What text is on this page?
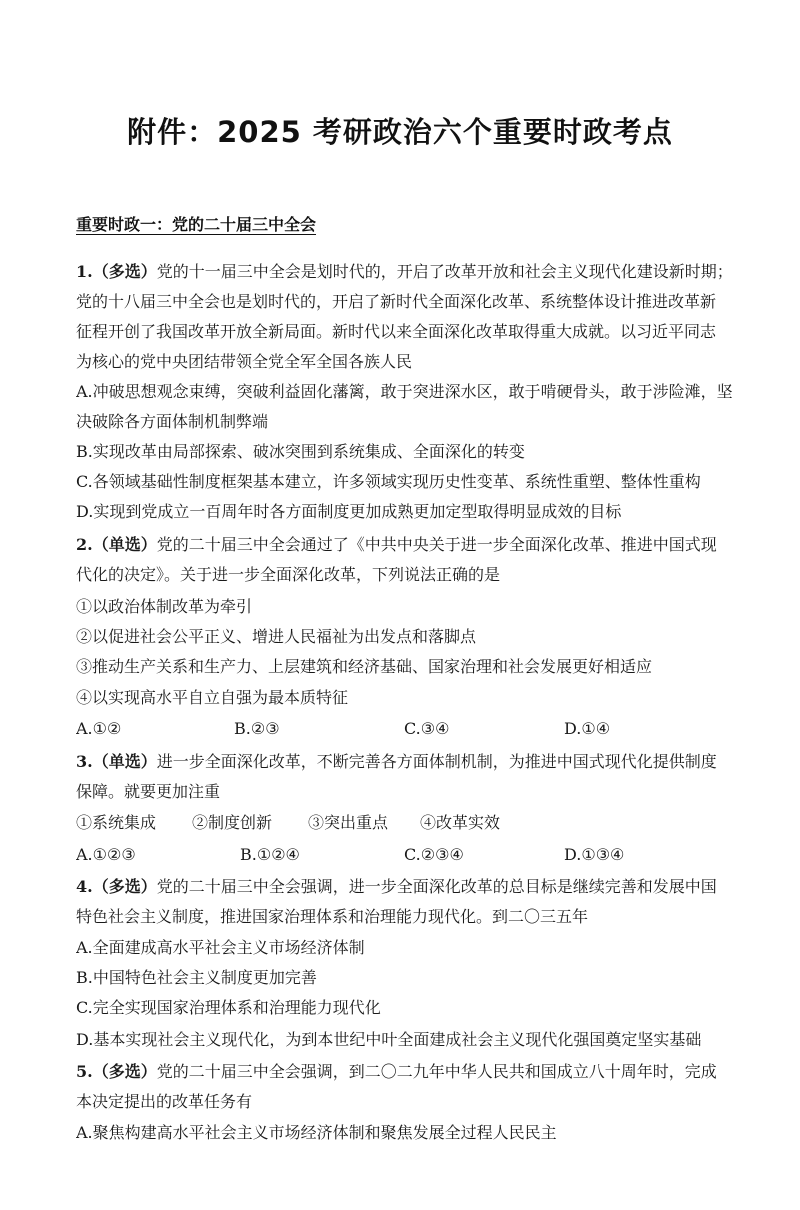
附件：2025 考研政治六个重要时政考点
重要时政一：党的二十届三中全会
1.（多选）党的十一届三中全会是划时代的，开启了改革开放和社会主义现代化建设新时期；
党的十八届三中全会也是划时代的，开启了新时代全面深化改革、系统整体设计推进改革新
征程开创了我国改革开放全新局面。新时代以来全面深化改革取得重大成就。以习近平同志
为核心的党中央团结带领全党全军全国各族人民
A.冲破思想观念束缚，突破利益固化藩篱，敢于突进深水区，敢于啃硬骨头，敢于涉险滩，坚
决破除各方面体制机制弊端
B.实现改革由局部探索、破冰突围到系统集成、全面深化的转变
C.各领域基础性制度框架基本建立，许多领域实现历史性变革、系统性重塑、整体性重构
D.实现到党成立一百周年时各方面制度更加成熟更加定型取得明显成效的目标
2.（单选）党的二十届三中全会通过了《中共中央关于进一步全面深化改革、推进中国式现
代化的决定》。关于进一步全面深化改革，下列说法正确的是
①以政治体制改革为牵引
②以促进社会公平正义、增进人民福祉为出发点和落脚点
③推动生产关系和生产力、上层建筑和经济基础、国家治理和社会发展更好相适应
④以实现高水平自立自强为最本质特征
A.①②	B.②③	C.③④	D.①④
3.（单选）进一步全面深化改革，不断完善各方面体制机制，为推进中国式现代化提供制度
保障。就要更加注重
①系统集成 ②制度创新 ③突出重点 ④改革实效
A.①②③	B.①②④	C.②③④	D.①③④
4.（多选）党的二十届三中全会强调，进一步全面深化改革的总目标是继续完善和发展中国
特色社会主义制度，推进国家治理体系和治理能力现代化。到二〇三五年
A.全面建成高水平社会主义市场经济体制
B.中国特色社会主义制度更加完善
C.完全实现国家治理体系和治理能力现代化
D.基本实现社会主义现代化，为到本世纪中叶全面建成社会主义现代化强国奠定坚实基础
5.（多选）党的二十届三中全会强调，到二〇二九年中华人民共和国成立八十周年时，完成
本决定提出的改革任务有
A.聚焦构建高水平社会主义市场经济体制和聚焦发展全过程人民民主
